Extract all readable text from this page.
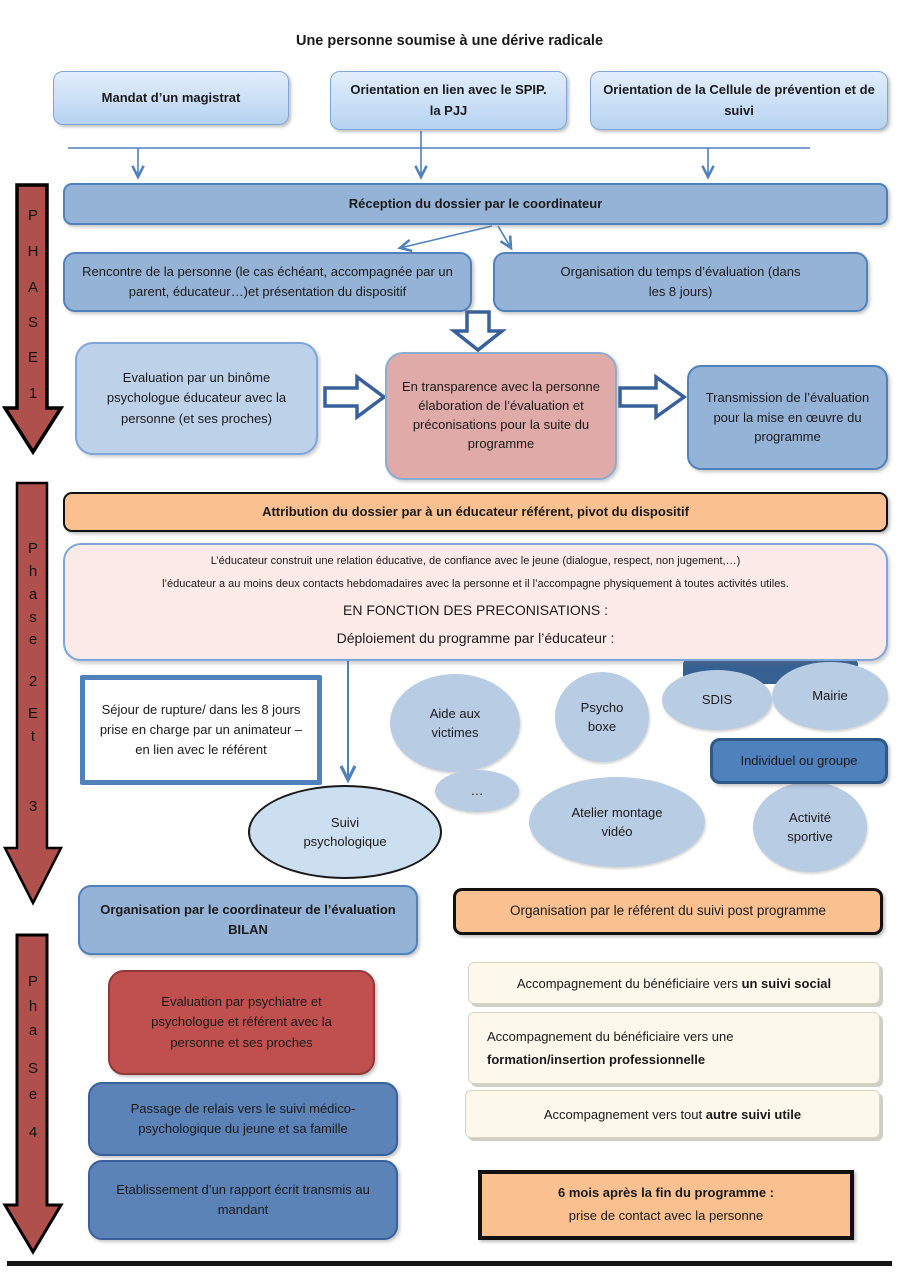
P
H
A
S
E
1
P
h
a
s
e
2
E
t
3
P
h
a
S
e
4
Une personne soumise à une dérive radicale
Mandat d’un magistrat
Orientation en lien avec le SPIP. la PJJ
Orientation de la Cellule de prévention et de suivi
Réception du dossier par le coordinateur
Rencontre de la personne (le cas échéant, accompagnée par un parent, éducateur…)et présentation du dispositif
Organisation du temps d’évaluation (dans les 8 jours)
Evaluation par un binôme psychologue éducateur avec la personne (et ses proches)
En transparence avec la personne élaboration de l’évaluation et préconisations pour la suite du programme
Transmission de l’évaluation pour la mise en œuvre du programme
Attribution du dossier par à un éducateur référent, pivot du dispositif
L’éducateur construit une relation éducative, de confiance avec le jeune (dialogue, respect, non jugement,…)
l’éducateur a au moins deux contacts hebdomadaires avec la personne et il l’accompagne physiquement à toutes activités utiles.
EN FONCTION DES PRECONISATIONS :
Déploiement du programme par l’éducateur :
Séjour de rupture/ dans les 8 jours prise en charge par un animateur – en lien avec le référent
Aide aux victimes
Psycho boxe
SDIS	Mairie
…
Atelier montage vidéo
Activité sportive
Suivi psychologique
Individuel ou groupe
Organisation par le coordinateur de l’évaluation BILAN
Evaluation par psychiatre et psychologue et référent avec la personne et ses proches
Passage de relais vers le suivi médico-psychologique du jeune et sa famille
Etablissement d’un rapport écrit transmis au mandant
Organisation par le référent du suivi post programme
Accompagnement du bénéficiaire vers un suivi social
Accompagnement du bénéficiaire vers une
formation/insertion professionnelle
Accompagnement vers tout autre suivi utile
6 mois après la fin du programme :
prise de contact avec la personne
